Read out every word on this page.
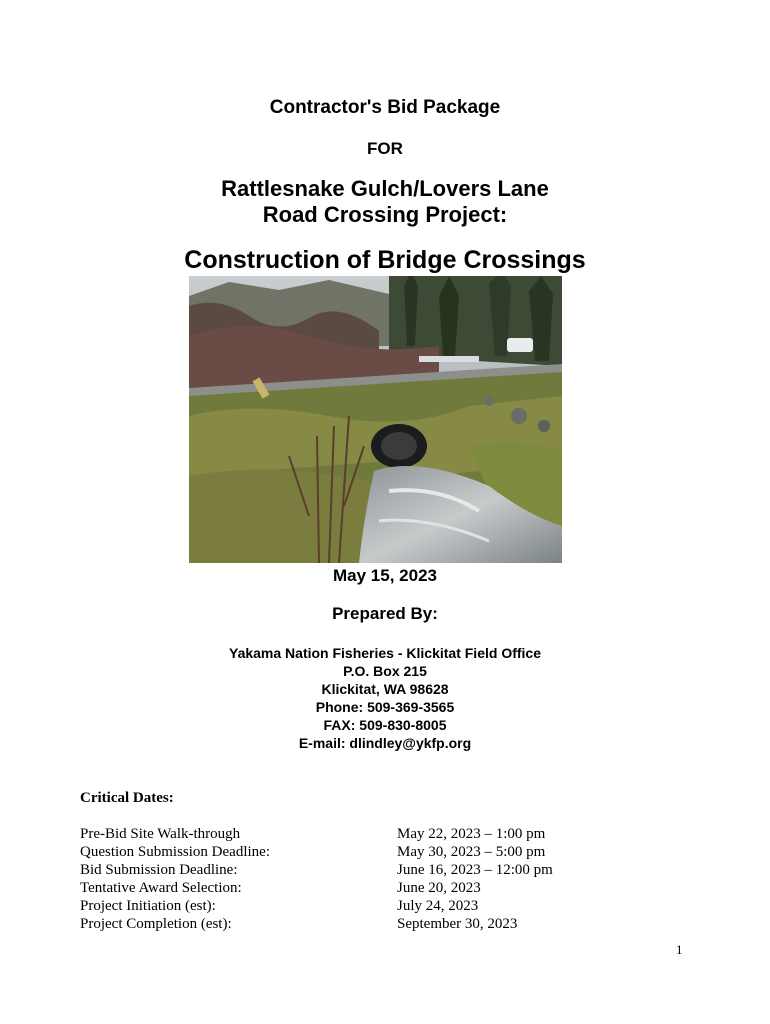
Contractor's Bid Package
FOR
Rattlesnake Gulch/Lovers Lane
Road Crossing Project:
Construction of Bridge Crossings
May 15, 2023
Prepared By:
Yakama Nation Fisheries - Klickitat Field Office
P.O. Box 215
Klickitat, WA 98628
Phone: 509-369-3565
FAX: 509-830-8005
E-mail: dlindley@ykfp.org
Critical Dates:
Pre-Bid Site Walk-through	May 22, 2023 – 1:00 pm
Question Submission Deadline:	May 30, 2023 – 5:00 pm
Bid Submission Deadline:	June 16, 2023 – 12:00 pm
Tentative Award Selection:	June 20, 2023
Project Initiation (est):	July 24, 2023
Project Completion (est):	September 30, 2023
1
